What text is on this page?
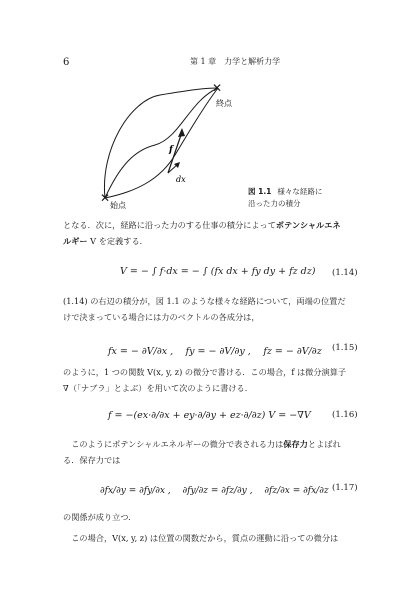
6	第 1 章　力学と解析力学
✕
✕
終点
始点
f
dx
図 1.1 様々な経路に
沿った力の積分
となる．次に，経路に沿った力のする仕事の積分によってポテンシャルエネ
ルギー V を定義する．
V = − ∫ f·dx = − ∫ (fx dx + fy dy + fz dz) (1.14)
(1.14) の右辺の積分が，図 1.1 のような様々な経路について，両端の位置だ
けで決まっている場合には力のベクトルの各成分は，
fx = − ∂V/∂x ,　 fy = − ∂V/∂y ,　 fz = − ∂V/∂z (1.15)
のように，1 つの関数 V(x, y, z) の微分で書ける．この場合，f は微分演算子
∇（「ナブラ」とよぶ）を用いて次のように書ける．
f = −(ex·∂/∂x + ey·∂/∂y + ez·∂/∂z) V = −∇V	(1.16)
　このようにポテンシャルエネルギーの微分で表される力は保存力とよばれ
る．保存力では
∂fx/∂y = ∂fy/∂x ,　 ∂fy/∂z = ∂fz/∂y ,　 ∂fz/∂x = ∂fx/∂z (1.17)
の関係が成り立つ．
　この場合，V(x, y, z) は位置の関数だから，質点の運動に沿っての微分は
